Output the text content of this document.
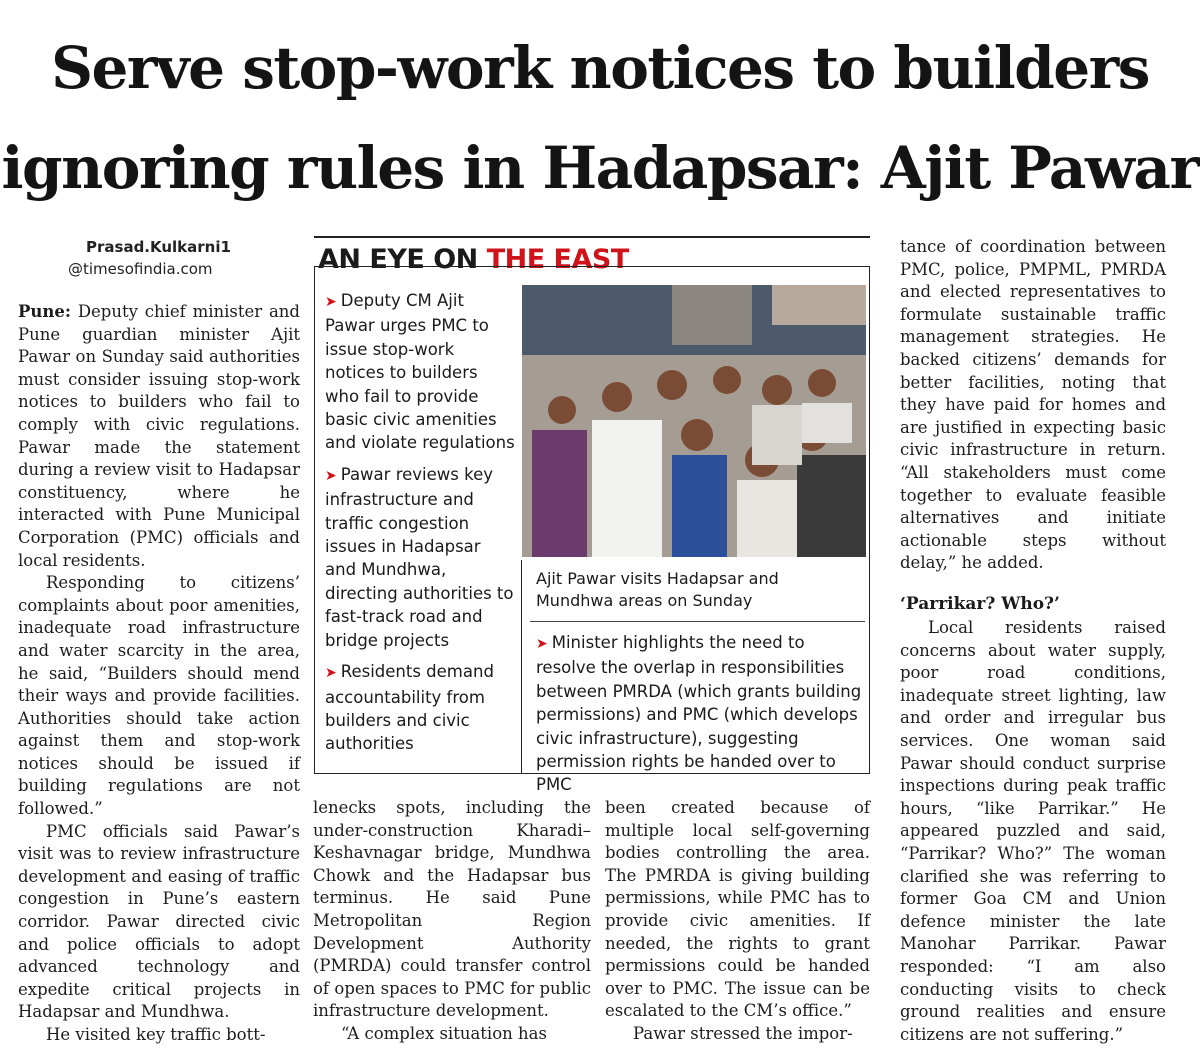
Serve stop-work notices to builders
ignoring rules in Hadapsar: Ajit Pawar
Prasad.Kulkarni1
@timesofindia.com

Pune: Deputy chief minister and Pune guardian minister Ajit Pawar on Sunday said authorities must consider issuing stop-work notices to builders who fail to comply with civic regulations. Pawar made the statement during a review visit to Hadapsar constituency, where he interacted with Pune Municipal Corporation (PMC) officials and local residents.

Responding to citizens’ complaints about poor amenities, inadequate road infrastructure and water scarcity in the area, he said, “Builders should mend their ways and provide facilities. Authorities should take action against them and stop-work notices should be issued if building regulations are not followed.”

PMC officials said Pawar’s visit was to review infrastructure development and easing of traffic congestion in Pune’s eastern corridor. Pawar directed civic and police officials to adopt advanced technology and expedite critical projects in Hadapsar and Mundhwa.

He visited key traffic bott-

AN EYE ON THE EAST
➤ Deputy CM Ajit Pawar urges PMC to issue stop-work notices to builders who fail to provide basic civic amenities and violate regulations
➤ Pawar reviews key infrastructure and traffic congestion issues in Hadapsar and Mundhwa, directing authorities to fast-track road and bridge projects
➤ Residents demand accountability from builders and civic authorities
Ajit Pawar visits Hadapsar and Mundhwa areas on Sunday
➤ Minister highlights the need to resolve the overlap in responsibilities between PMRDA (which grants building permissions) and PMC (which develops civic infrastructure), suggesting permission rights be handed over to PMC

lenecks spots, including the under-construction Kharadi–Keshavnagar bridge, Mundhwa Chowk and the Hadapsar bus terminus. He said Pune Metropolitan Region Development Authority (PMRDA) could transfer control of open spaces to PMC for public infrastructure development.

“A complex situation has

been created because of multiple local self-governing bodies controlling the area. The PMRDA is giving building permissions, while PMC has to provide civic amenities. If needed, the rights to grant permissions could be handed over to PMC. The issue can be escalated to the CM’s office.”

Pawar stressed the impor-

tance of coordination between PMC, police, PMPML, PMRDA and elected representatives to formulate sustainable traffic management strategies. He backed citizens’ demands for better facilities, noting that they have paid for homes and are justified in expecting basic civic infrastructure in return. “All stakeholders must come together to evaluate feasible alternatives and initiate actionable steps without delay,” he added.

‘Parrikar? Who?’

Local residents raised concerns about water supply, poor road conditions, inadequate street lighting, law and order and irregular bus services. One woman said Pawar should conduct surprise inspections during peak traffic hours, “like Parrikar.” He appeared puzzled and said, “Parrikar? Who?” The woman clarified she was referring to former Goa CM and Union defence minister the late Manohar Parrikar. Pawar responded: “I am also conducting visits to check ground realities and ensure citizens are not suffering.”
